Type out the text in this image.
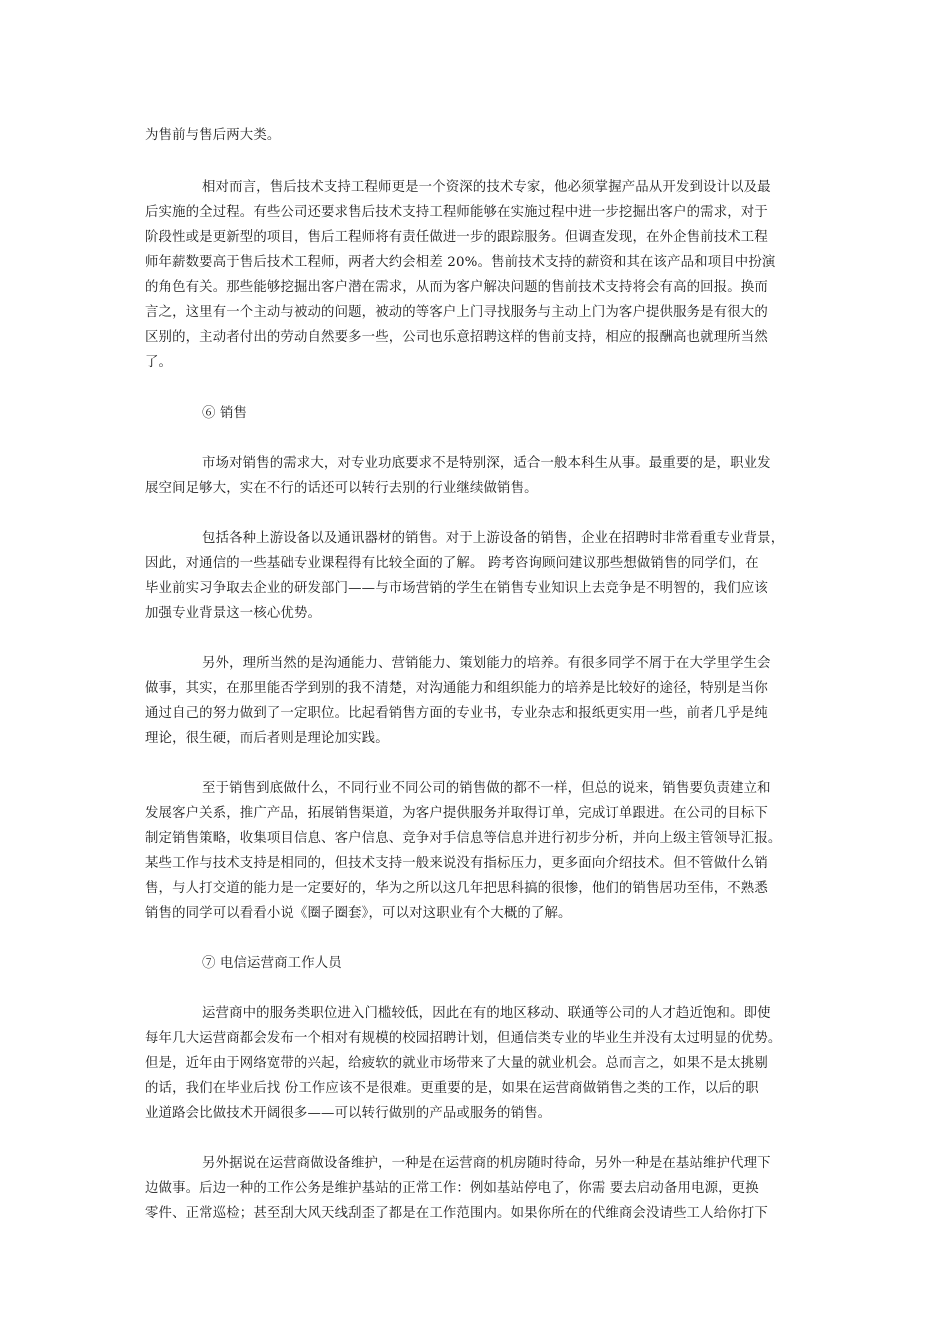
为售前与售后两大类。
相对而言，售后技术支持工程师更是一个资深的技术专家，他必须掌握产品从开发到设计以及最
后实施的全过程。有些公司还要求售后技术支持工程师能够在实施过程中进一步挖掘出客户的需求，对于
阶段性或是更新型的项目，售后工程师将有责任做进一步的跟踪服务。但调查发现，在外企售前技术工程
师年薪数要高于售后技术工程师，两者大约会相差 20%。售前技术支持的薪资和其在该产品和项目中扮演
的角色有关。那些能够挖掘出客户潜在需求，从而为客户解决问题的售前技术支持将会有高的回报。换而
言之，这里有一个主动与被动的问题，被动的等客户上门寻找服务与主动上门为客户提供服务是有很大的
区别的，主动者付出的劳动自然要多一些，公司也乐意招聘这样的售前支持，相应的报酬高也就理所当然
了。
⑥ 销售
市场对销售的需求大，对专业功底要求不是特别深，适合一般本科生从事。最重要的是，职业发
展空间足够大，实在不行的话还可以转行去别的行业继续做销售。
包括各种上游设备以及通讯器材的销售。对于上游设备的销售，企业在招聘时非常看重专业背景，
因此，对通信的一些基础专业课程得有比较全面的了解。 跨考咨询顾问建议那些想做销售的同学们，在
毕业前实习争取去企业的研发部门——与市场营销的学生在销售专业知识上去竞争是不明智的，我们应该
加强专业背景这一核心优势。
另外，理所当然的是沟通能力、营销能力、策划能力的培养。有很多同学不屑于在大学里学生会
做事，其实，在那里能否学到别的我不清楚，对沟通能力和组织能力的培养是比较好的途径，特别是当你
通过自己的努力做到了一定职位。比起看销售方面的专业书，专业杂志和报纸更实用一些，前者几乎是纯
理论，很生硬，而后者则是理论加实践。
至于销售到底做什么，不同行业不同公司的销售做的都不一样，但总的说来，销售要负责建立和
发展客户关系，推广产品，拓展销售渠道，为客户提供服务并取得订单，完成订单跟进。在公司的目标下
制定销售策略，收集项目信息、客户信息、竞争对手信息等信息并进行初步分析，并向上级主管领导汇报。
某些工作与技术支持是相同的，但技术支持一般来说没有指标压力，更多面向介绍技术。但不管做什么销
售，与人打交道的能力是一定要好的，华为之所以这几年把思科搞的很惨，他们的销售居功至伟，不熟悉
销售的同学可以看看小说《圈子圈套》，可以对这职业有个大概的了解。
⑦ 电信运营商工作人员
运营商中的服务类职位进入门槛较低，因此在有的地区移动、联通等公司的人才趋近饱和。即使
每年几大运营商都会发布一个相对有规模的校园招聘计划，但通信类专业的毕业生并没有太过明显的优势。
但是，近年由于网络宽带的兴起，给疲软的就业市场带来了大量的就业机会。总而言之，如果不是太挑剔
的话，我们在毕业后找 份工作应该不是很难。更重要的是，如果在运营商做销售之类的工作，以后的职
业道路会比做技术开阔很多——可以转行做别的产品或服务的销售。
另外据说在运营商做设备维护，一种是在运营商的机房随时待命，另外一种是在基站维护代理下
边做事。后边一种的工作公务是维护基站的正常工作：例如基站停电了，你需 要去启动备用电源，更换
零件、正常巡检；甚至刮大风天线刮歪了都是在工作范围内。如果你所在的代维商会没请些工人给你打下
